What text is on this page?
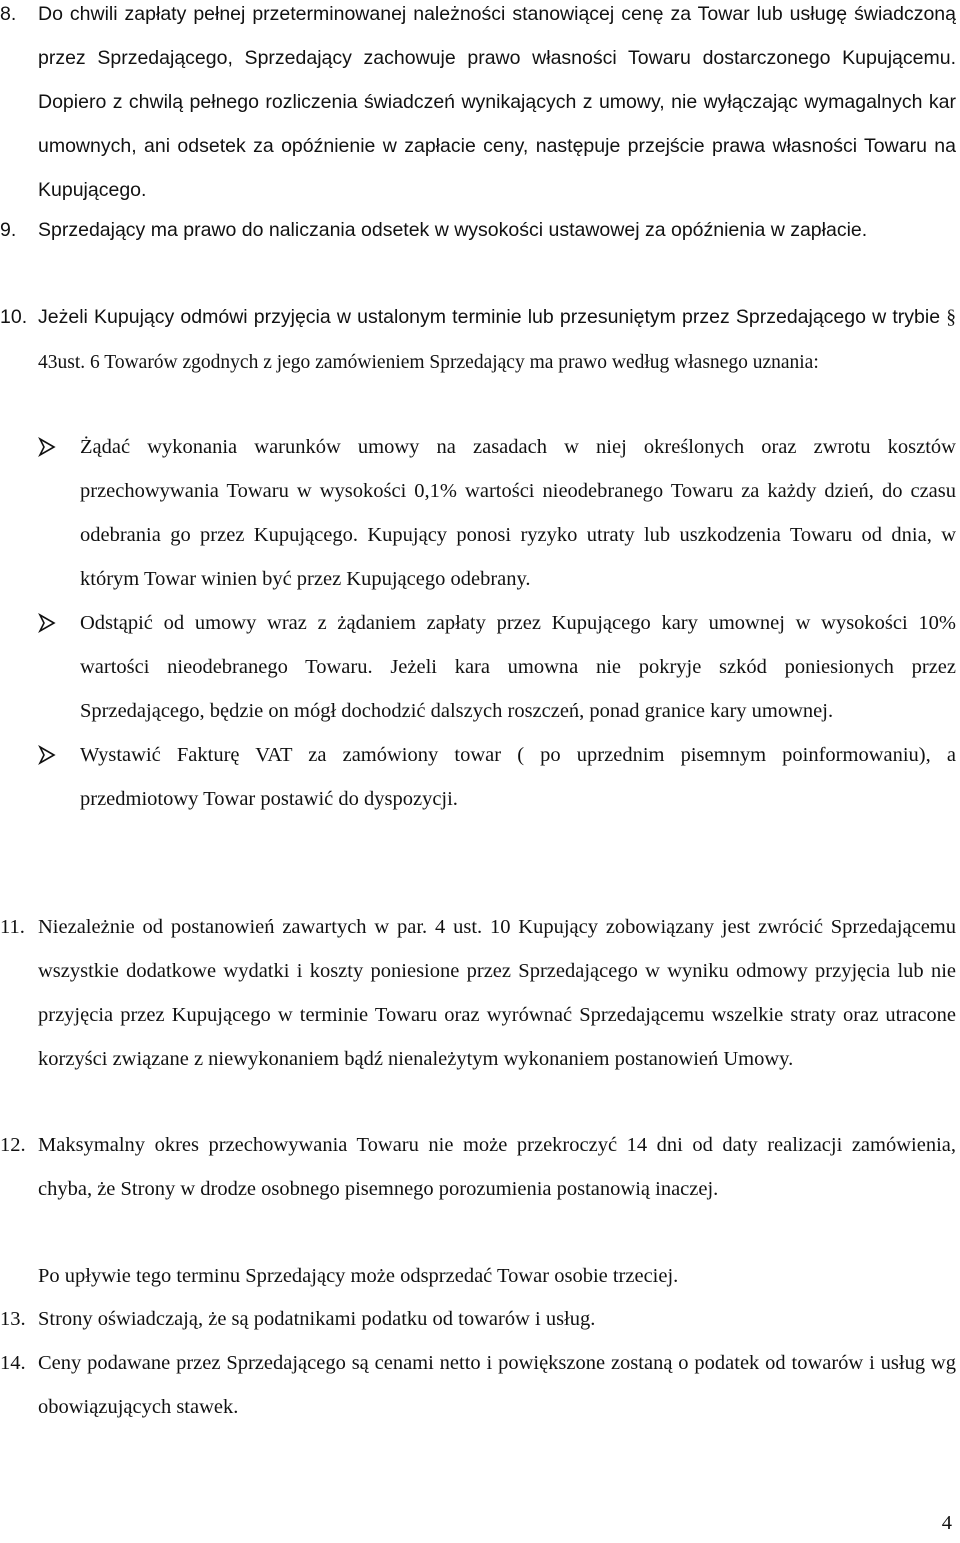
8.	Do chwili zapłaty pełnej przeterminowanej należności stanowiącej cenę za Towar lub usługę świadczoną przez Sprzedającego, Sprzedający zachowuje prawo własności Towaru dostarczonego Kupującemu. Dopiero z chwilą pełnego rozliczenia świadczeń wynikających z umowy, nie wyłączając wymagalnych kar umownych, ani odsetek za opóźnienie w zapłacie ceny, następuje przejście prawa własności Towaru na Kupującego.
9.	Sprzedający ma prawo do naliczania odsetek w wysokości ustawowej za opóźnienia w zapłacie.
10. Jeżeli Kupujący odmówi przyjęcia w ustalonym terminie lub przesuniętym przez Sprzedającego w trybie § 43ust. 6 Towarów zgodnych z jego zamówieniem Sprzedający ma prawo według własnego uznania:
Żądać wykonania warunków umowy na zasadach w niej określonych oraz zwrotu kosztów przechowywania Towaru w wysokości 0,1% wartości nieodebranego Towaru za każdy dzień, do czasu odebrania go przez Kupującego. Kupujący ponosi ryzyko utraty lub uszkodzenia Towaru od dnia, w którym Towar winien być przez Kupującego odebrany.
Odstąpić od umowy wraz z żądaniem zapłaty przez Kupującego kary umownej w wysokości 10% wartości nieodebranego Towaru. Jeżeli kara umowna nie pokryje szkód poniesionych przez Sprzedającego, będzie on mógł dochodzić dalszych roszczeń, ponad granice kary umownej.
Wystawić Fakturę VAT za zamówiony towar ( po uprzednim pisemnym poinformowaniu), a przedmiotowy Towar postawić do dyspozycji.
11. Niezależnie od postanowień zawartych w par. 4 ust. 10 Kupujący zobowiązany jest zwrócić Sprzedającemu wszystkie dodatkowe wydatki i koszty poniesione przez Sprzedającego w wyniku odmowy przyjęcia lub nie przyjęcia przez Kupującego w terminie Towaru oraz wyrównać Sprzedającemu wszelkie straty oraz utracone korzyści związane z niewykonaniem bądź nienależytym wykonaniem postanowień Umowy.
12. Maksymalny okres przechowywania Towaru nie może przekroczyć 14 dni od daty realizacji zamówienia, chyba, że Strony w drodze osobnego pisemnego porozumienia postanowią inaczej.
Po upływie tego terminu Sprzedający może odsprzedać Towar osobie trzeciej.
13. Strony oświadczają, że są podatnikami podatku od towarów i usług.
14. Ceny podawane przez Sprzedającego są cenami netto i powiększone zostaną o podatek od towarów i usług wg obowiązujących stawek.
4
